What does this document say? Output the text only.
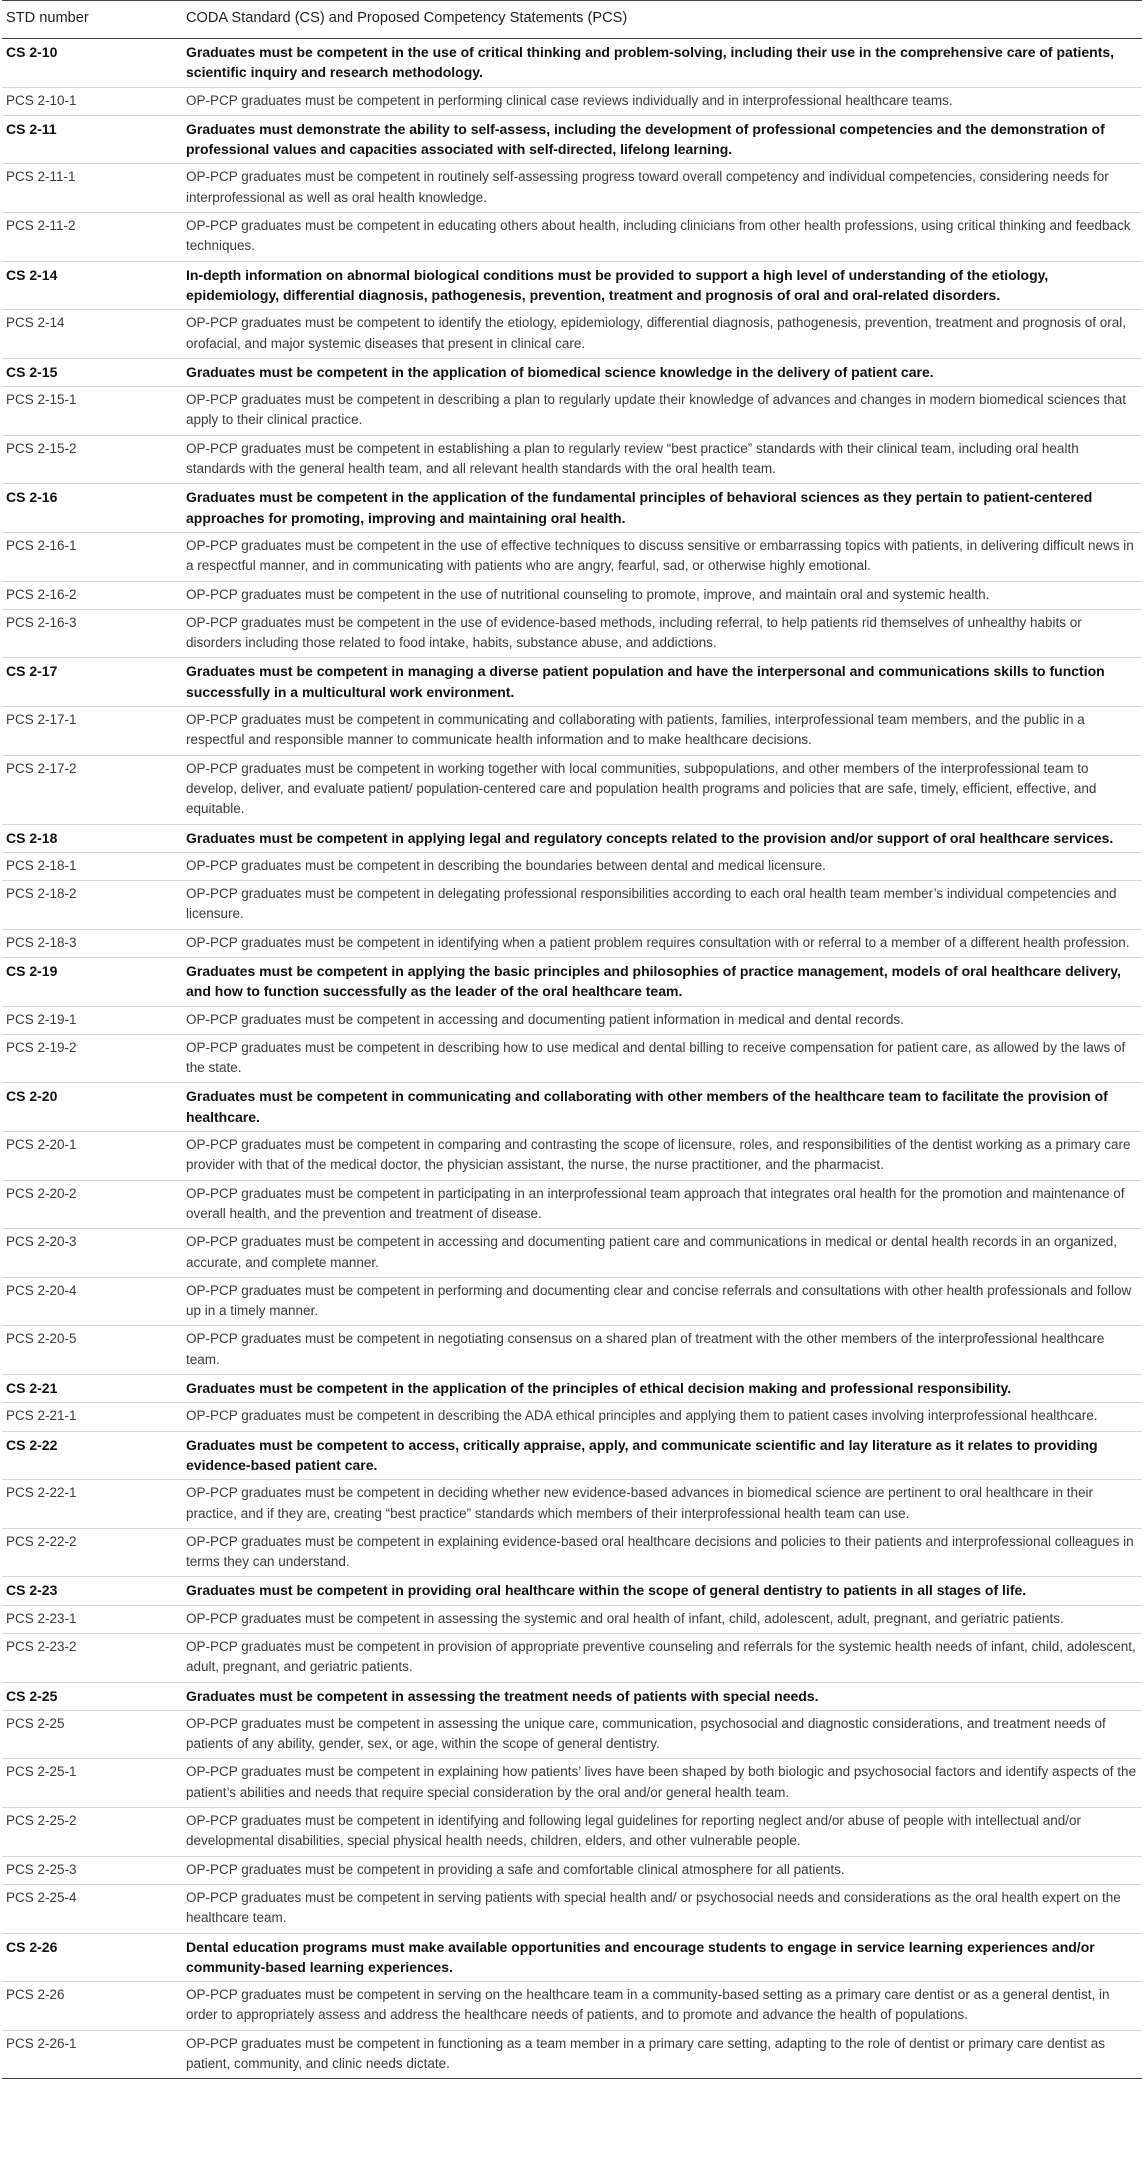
STD number	CODA Standard (CS) and Proposed Competency Statements (PCS)
CS 2-10	Graduates must be competent in the use of critical thinking and problem-solving, including their use in the comprehensive care of patients, scientific inquiry and research methodology.
PCS 2-10-1	OP-PCP graduates must be competent in performing clinical case reviews individually and in interprofessional healthcare teams.
CS 2-11	Graduates must demonstrate the ability to self-assess, including the development of professional competencies and the demonstration of professional values and capacities associated with self-directed, lifelong learning.
PCS 2-11-1	OP-PCP graduates must be competent in routinely self-assessing progress toward overall competency and individual competencies, considering needs for interprofessional as well as oral health knowledge.
PCS 2-11-2	OP-PCP graduates must be competent in educating others about health, including clinicians from other health professions, using critical thinking and feedback techniques.
CS 2-14	In-depth information on abnormal biological conditions must be provided to support a high level of understanding of the etiology, epidemiology, differential diagnosis, pathogenesis, prevention, treatment and prognosis of oral and oral-related disorders.
PCS 2-14	OP-PCP graduates must be competent to identify the etiology, epidemiology, differential diagnosis, pathogenesis, prevention, treatment and prognosis of oral, orofacial, and major systemic diseases that present in clinical care.
CS 2-15	Graduates must be competent in the application of biomedical science knowledge in the delivery of patient care.
PCS 2-15-1	OP-PCP graduates must be competent in describing a plan to regularly update their knowledge of advances and changes in modern biomedical sciences that apply to their clinical practice.
PCS 2-15-2	OP-PCP graduates must be competent in establishing a plan to regularly review “best practice” standards with their clinical team, including oral health standards with the general health team, and all relevant health standards with the oral health team.
CS 2-16	Graduates must be competent in the application of the fundamental principles of behavioral sciences as they pertain to patient-centered approaches for promoting, improving and maintaining oral health.
PCS 2-16-1	OP-PCP graduates must be competent in the use of effective techniques to discuss sensitive or embarrassing topics with patients, in delivering difficult news in a respectful manner, and in communicating with patients who are angry, fearful, sad, or otherwise highly emotional.
PCS 2-16-2	OP-PCP graduates must be competent in the use of nutritional counseling to promote, improve, and maintain oral and systemic health.
PCS 2-16-3	OP-PCP graduates must be competent in the use of evidence-based methods, including referral, to help patients rid themselves of unhealthy habits or disorders including those related to food intake, habits, substance abuse, and addictions.
CS 2-17	Graduates must be competent in managing a diverse patient population and have the interpersonal and communications skills to function successfully in a multicultural work environment.
PCS 2-17-1	OP-PCP graduates must be competent in communicating and collaborating with patients, families, interprofessional team members, and the public in a respectful and responsible manner to communicate health information and to make healthcare decisions.
PCS 2-17-2	OP-PCP graduates must be competent in working together with local communities, subpopulations, and other members of the interprofessional team to develop, deliver, and evaluate patient/ population-centered care and population health programs and policies that are safe, timely, efficient, effective, and equitable.
CS 2-18	Graduates must be competent in applying legal and regulatory concepts related to the provision and/or support of oral healthcare services.
PCS 2-18-1	OP-PCP graduates must be competent in describing the boundaries between dental and medical licensure.
PCS 2-18-2	OP-PCP graduates must be competent in delegating professional responsibilities according to each oral health team member’s individual competencies and licensure.
PCS 2-18-3	OP-PCP graduates must be competent in identifying when a patient problem requires consultation with or referral to a member of a different health profession.
CS 2-19	Graduates must be competent in applying the basic principles and philosophies of practice management, models of oral healthcare delivery, and how to function successfully as the leader of the oral healthcare team.
PCS 2-19-1	OP-PCP graduates must be competent in accessing and documenting patient information in medical and dental records.
PCS 2-19-2	OP-PCP graduates must be competent in describing how to use medical and dental billing to receive compensation for patient care, as allowed by the laws of the state.
CS 2-20	Graduates must be competent in communicating and collaborating with other members of the healthcare team to facilitate the provision of healthcare.
PCS 2-20-1	OP-PCP graduates must be competent in comparing and contrasting the scope of licensure, roles, and responsibilities of the dentist working as a primary care provider with that of the medical doctor, the physician assistant, the nurse, the nurse practitioner, and the pharmacist.
PCS 2-20-2	OP-PCP graduates must be competent in participating in an interprofessional team approach that integrates oral health for the promotion and maintenance of overall health, and the prevention and treatment of disease.
PCS 2-20-3	OP-PCP graduates must be competent in accessing and documenting patient care and communications in medical or dental health records in an organized, accurate, and complete manner.
PCS 2-20-4	OP-PCP graduates must be competent in performing and documenting clear and concise referrals and consultations with other health professionals and follow up in a timely manner.
PCS 2-20-5	OP-PCP graduates must be competent in negotiating consensus on a shared plan of treatment with the other members of the interprofessional healthcare team.
CS 2-21	Graduates must be competent in the application of the principles of ethical decision making and professional responsibility.
PCS 2-21-1	OP-PCP graduates must be competent in describing the ADA ethical principles and applying them to patient cases involving interprofessional healthcare.
CS 2-22	Graduates must be competent to access, critically appraise, apply, and communicate scientific and lay literature as it relates to providing evidence-based patient care.
PCS 2-22-1	OP-PCP graduates must be competent in deciding whether new evidence-based advances in biomedical science are pertinent to oral healthcare in their practice, and if they are, creating “best practice” standards which members of their interprofessional health team can use.
PCS 2-22-2	OP-PCP graduates must be competent in explaining evidence-based oral healthcare decisions and policies to their patients and interprofessional colleagues in terms they can understand.
CS 2-23	Graduates must be competent in providing oral healthcare within the scope of general dentistry to patients in all stages of life.
PCS 2-23-1	OP-PCP graduates must be competent in assessing the systemic and oral health of infant, child, adolescent, adult, pregnant, and geriatric patients.
PCS 2-23-2	OP-PCP graduates must be competent in provision of appropriate preventive counseling and referrals for the systemic health needs of infant, child, adolescent, adult, pregnant, and geriatric patients.
CS 2-25	Graduates must be competent in assessing the treatment needs of patients with special needs.
PCS 2-25	OP-PCP graduates must be competent in assessing the unique care, communication, psychosocial and diagnostic considerations, and treatment needs of patients of any ability, gender, sex, or age, within the scope of general dentistry.
PCS 2-25-1	OP-PCP graduates must be competent in explaining how patients’ lives have been shaped by both biologic and psychosocial factors and identify aspects of the patient’s abilities and needs that require special consideration by the oral and/or general health team.
PCS 2-25-2	OP-PCP graduates must be competent in identifying and following legal guidelines for reporting neglect and/or abuse of people with intellectual and/or developmental disabilities, special physical health needs, children, elders, and other vulnerable people.
PCS 2-25-3	OP-PCP graduates must be competent in providing a safe and comfortable clinical atmosphere for all patients.
PCS 2-25-4	OP-PCP graduates must be competent in serving patients with special health and/ or psychosocial needs and considerations as the oral health expert on the healthcare team.
CS 2-26	Dental education programs must make available opportunities and encourage students to engage in service learning experiences and/or community-based learning experiences.
PCS 2-26	OP-PCP graduates must be competent in serving on the healthcare team in a community-based setting as a primary care dentist or as a general dentist, in order to appropriately assess and address the healthcare needs of patients, and to promote and advance the health of populations.
PCS 2-26-1	OP-PCP graduates must be competent in functioning as a team member in a primary care setting, adapting to the role of dentist or primary care dentist as patient, community, and clinic needs dictate.
